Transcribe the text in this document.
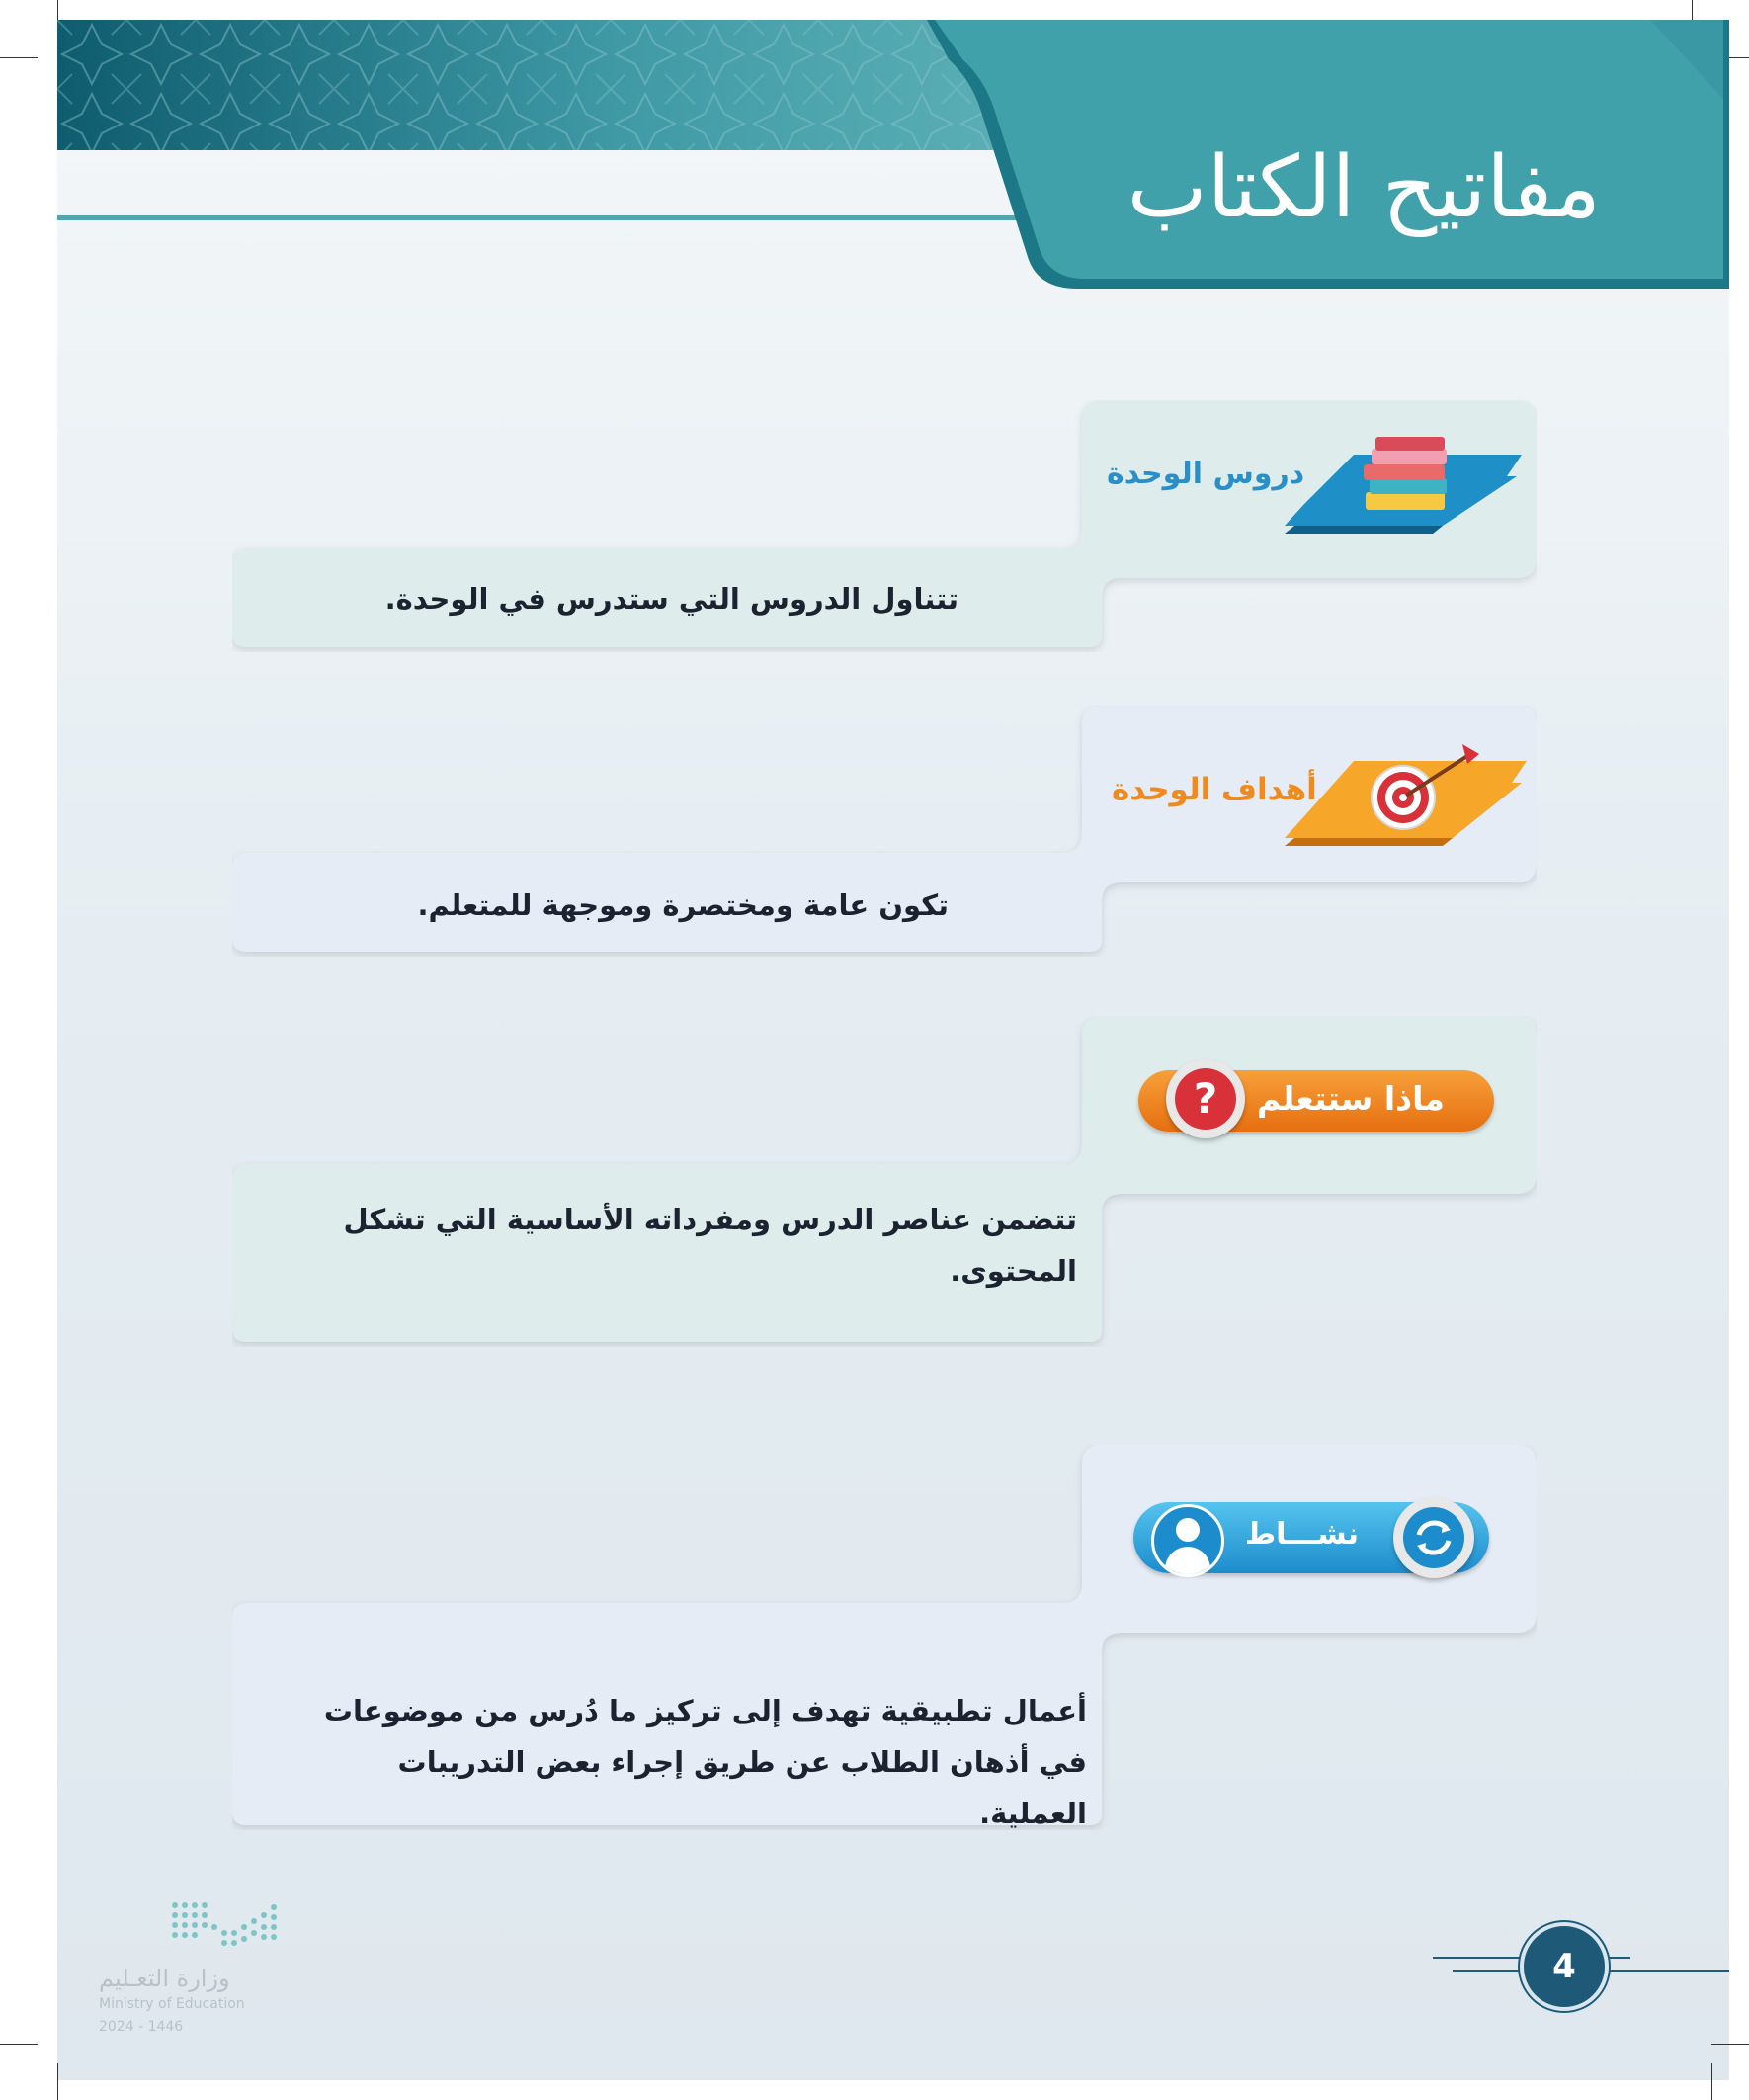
مفاتيح الكتاب
دروس الوحدة
تتناول الدروس التي ستدرس في الوحدة.
أهداف الوحدة
تكون عامة ومختصرة وموجهة للمتعلم.
?	ماذا ستتعلم
تتضمن عناصر الدرس ومفرداته الأساسية التي تشكل المحتوى.
نشـــاط
أعمال تطبيقية تهدف إلى تركيز ما دُرس من موضوعات في أذهان الطلاب عن طريق إجراء بعض التدريبات العملية.
وزارة التعـليم
Ministry of Education
2024 - 1446
4
